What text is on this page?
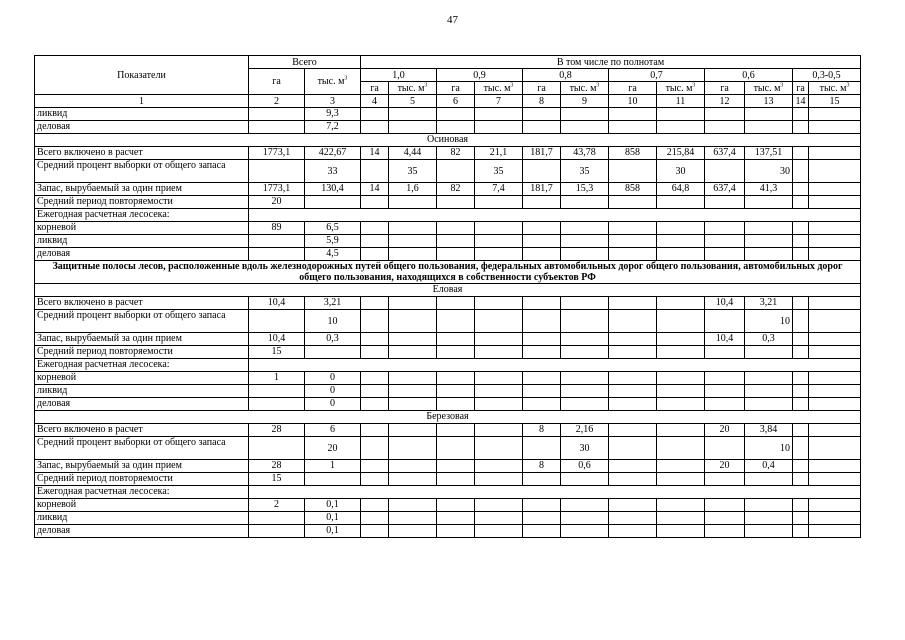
47
Показатели	Всего		В том числе по полнотам											
	га	тыс. $м^3$	1,0		0,9		0,8		0,7		0,6		0,3-0,5	
			га	тыс. $м^3$	га	тыс. $м^3$	га	тыс. $м^3$	га	тыс. $м^3$	га	тыс. $м^3$	га	тыс. $м^3$
1	2	3	4	5	6	7	8	9	10	11	12	13	14	15
ликвид		9,3												
деловая		7,2												
Осиновая														
Всего включено в расчет	1773,1	422,67	14	4,44	82	21,1	181,7	43,78	858	215,84	637,4	137,51		
Средний процент выборки от общего запаса		33		35		35		35		30		30		
Запас, вырубаемый за один прием	1773,1	130,4	14	1,6	82	7,4	181,7	15,3	858	64,8	637,4	41,3		
Средний период повторяемости	20													
Ежегодная расчетная лесосека:														
корневой	89	6,5												
ликвид		5,9												
деловая		4,5												
Защитные полосы лесов, расположенные вдоль железнодорожных путей общего пользования, федеральных автомобильных дорог общего пользования, автомобильных дорог общего пользования, находящихся в собственности субъектов РФ														
Еловая														
Всего включено в расчет	10,4	3,21									10,4	3,21		
Средний процент выборки от общего запаса		10										10		
Запас, вырубаемый за один прием	10,4	0,3									10,4	0,3		
Средний период повторяемости	15													
Ежегодная расчетная лесосека:														
корневой	1	0												
ликвид		0												
деловая		0												
Березовая														
Всего включено в расчет	28	6					8	2,16			20	3,84		
Средний процент выборки от общего запаса		20						30				10		
Запас, вырубаемый за один прием	28	1					8	0,6			20	0,4		
Средний период повторяемости	15													
Ежегодная расчетная лесосека:														
корневой	2	0,1												
ликвид		0,1												
деловая		0,1												
